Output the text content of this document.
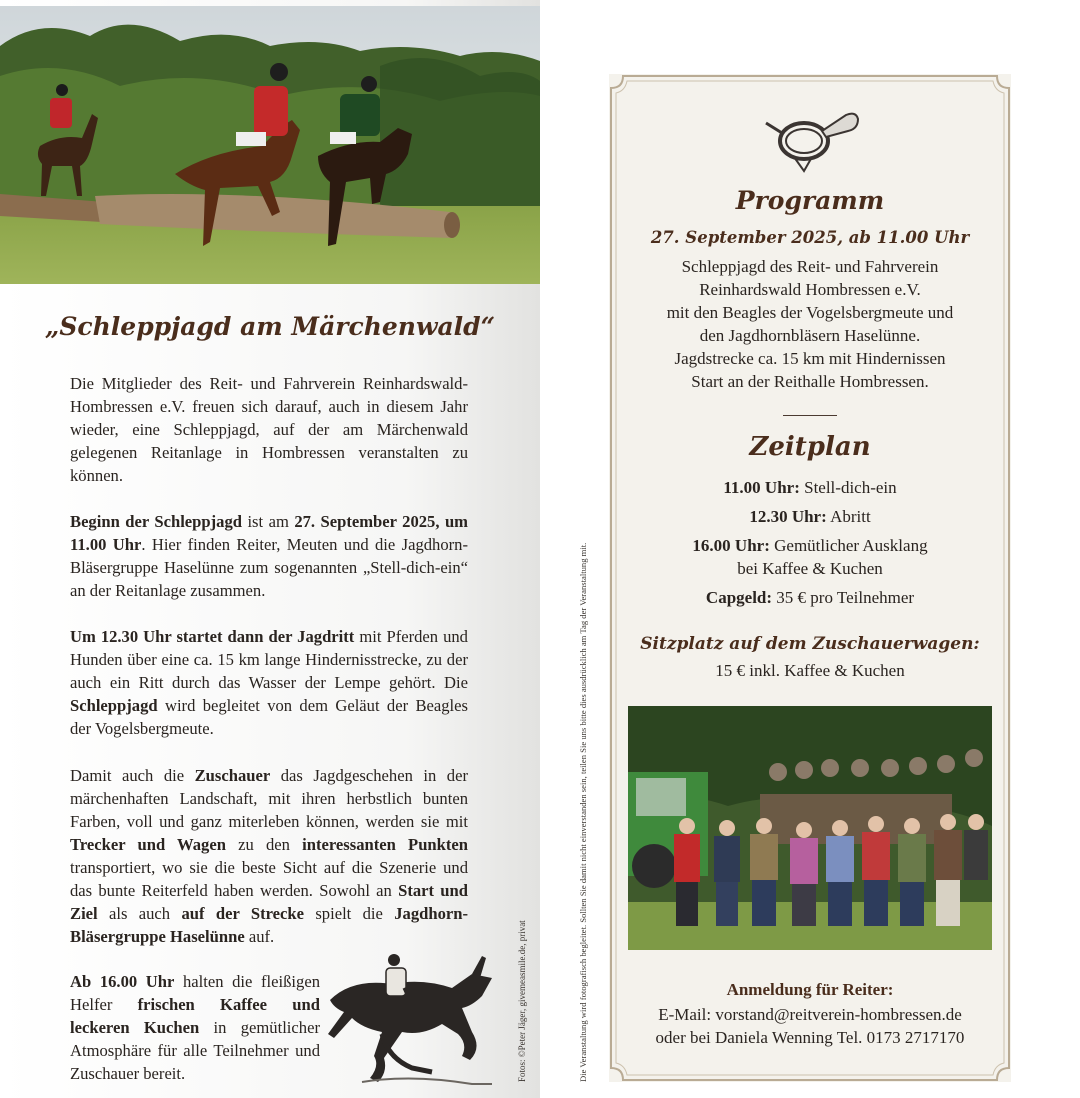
„Schleppjagd am Märchenwald“

Die Mitglieder des Reit- und Fahrverein Reinhardswald-Hombressen e.V. freuen sich darauf, auch in diesem Jahr wieder, eine Schleppjagd, auf der am Märchenwald gelegenen Reitanlage in Hombressen veranstalten zu können.

Beginn der Schleppjagd ist am 27. September 2025, um 11.00 Uhr. Hier finden Reiter, Meuten und die Jagdhorn-Bläsergruppe Haselünne zum sogenannten „Stell-dich-ein“ an der Reitanlage zusammen.

Um 12.30 Uhr startet dann der Jagdritt mit Pferden und Hunden über eine ca. 15 km lange Hindernisstrecke, zu der auch ein Ritt durch das Wasser der Lempe gehört. Die Schleppjagd wird begleitet von dem Geläut der Beagles der Vogelsbergmeute.

Damit auch die Zuschauer das Jagdgeschehen in der märchenhaften Landschaft, mit ihren herbstlich bunten Farben, voll und ganz miterleben können, werden sie mit Trecker und Wagen zu den interessanten Punkten transportiert, wo sie die beste Sicht auf die Szenerie und das bunte Reiterfeld haben werden. Sowohl an Start und Ziel als auch auf der Strecke spielt die Jagdhorn-Bläsergruppe Haselünne auf.

Ab 16.00 Uhr halten die fleißigen Helfer frischen Kaffee und leckeren Kuchen in gemütlicher Atmosphäre für alle Teilnehmer und Zuschauer bereit.	Fotos: ©Peter Jäger, givemeasmile.de, privat	Die Veranstaltung wird fotografisch begleitet. Sollten Sie damit nicht einverstanden sein, teilen Sie uns bitte dies ausdrücklich am Tag der Veranstaltung mit.
Programm
27. September 2025, ab 11.00 Uhr
Schleppjagd des Reit- und Fahrverein
Reinhardswald Hombressen e.V.
mit den Beagles der Vogelsbergmeute und
den Jagdhornbläsern Haselünne.
Jagdstrecke ca. 15 km mit Hindernissen
Start an der Reithalle Hombressen.
Zeitplan
11.00 Uhr: Stell-dich-ein
12.30 Uhr: Abritt
16.00 Uhr: Gemütlicher Ausklang
bei Kaffee & Kuchen
Capgeld: 35 € pro Teilnehmer
Sitzplatz auf dem Zuschauerwagen:
15 € inkl. Kaffee & Kuchen
Anmeldung für Reiter:
E-Mail: vorstand@reitverein-hombressen.de
oder bei Daniela Wenning Tel. 0173 2717170
